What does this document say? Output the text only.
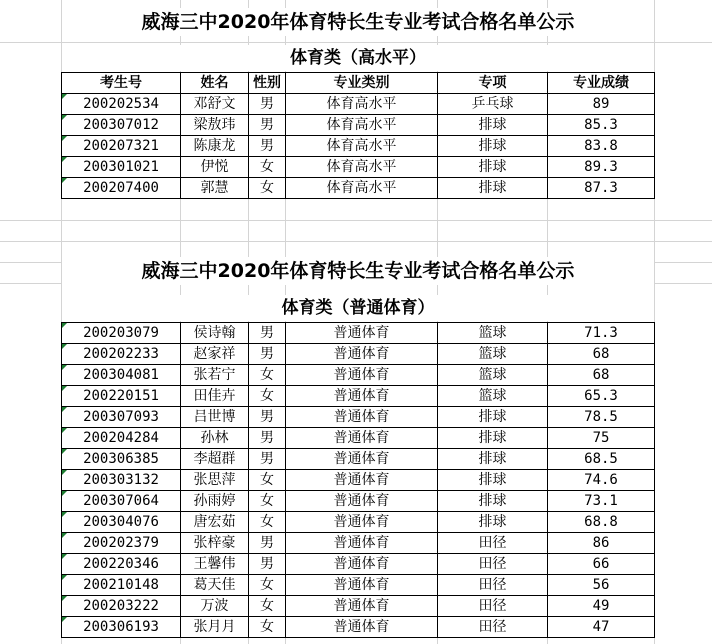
威海三中2020年体育特长生专业考试合格名单公示
体育类（高水平）
考生号	姓名	性别	专业类别	专项	专业成绩
200202534	邓舒文	男	体育高水平	乒乓球	89
200307012	梁敖玮	男	体育高水平	排球	85.3
200207321	陈康龙	男	体育高水平	排球	83.8
200301021	伊悦	女	体育高水平	排球	89.3
200207400	郭慧	女	体育高水平	排球	87.3
威海三中2020年体育特长生专业考试合格名单公示
体育类（普通体育）
200203079	侯诗翰	男	普通体育	篮球	71.3
200202233	赵家祥	男	普通体育	篮球	68
200304081	张若宁	女	普通体育	篮球	68
200220151	田佳卉	女	普通体育	篮球	65.3
200307093	吕世博	男	普通体育	排球	78.5
200204284	孙林	男	普通体育	排球	75
200306385	李超群	男	普通体育	排球	68.5
200303132	张思萍	女	普通体育	排球	74.6
200307064	孙雨婷	女	普通体育	排球	73.1
200304076	唐宏茹	女	普通体育	排球	68.8
200202379	张梓豪	男	普通体育	田径	86
200220346	王馨伟	男	普通体育	田径	66
200210148	葛天佳	女	普通体育	田径	56
200203222	万波	女	普通体育	田径	49
200306193	张月月	女	普通体育	田径	47
